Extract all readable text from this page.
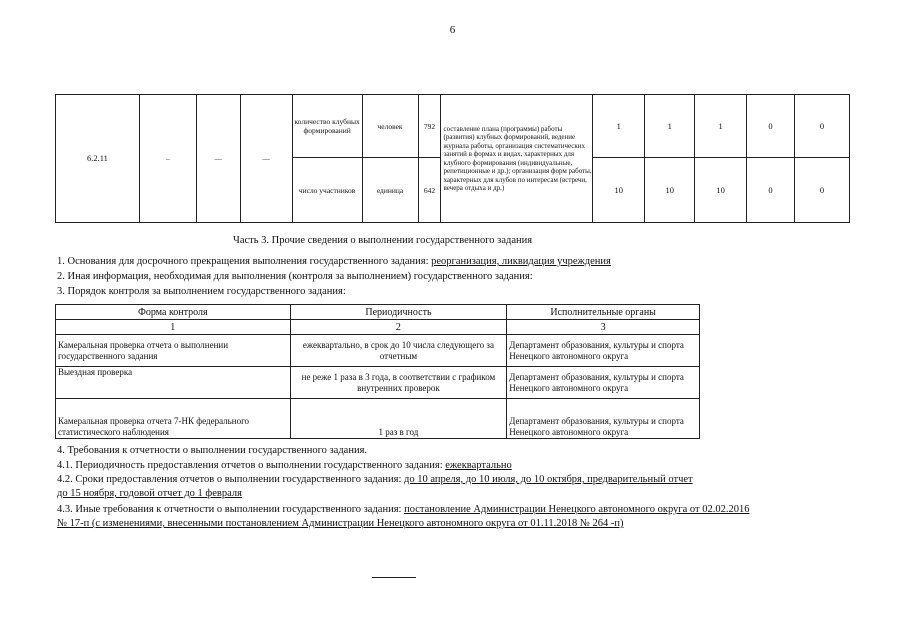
6
6.2.11	–	—	—	количество клубных формирований	человек	792	составление плана (программы) работы (развития) клубных формирований, ведение журнала работы, организация систематических занятий в формах и видах, характерных для клубного формирования (индивидуальные, репетиционные и др.); организация форм работы, характерных для клубов по интересам (встречи, вечера отдыха и др.)	1	1	1	0	0
				число участников	единица	642		10	10	10	0	0
Часть 3. Прочие сведения о выполнении государственного задания
1. Основания для досрочного прекращения выполнения государственного задания: реорганизация, ликвидация учреждения
2. Иная информация, необходимая для выполнения (контроля за выполнением) государственного задания:
3. Порядок контроля за выполнением государственного задания:
Форма контроля	Периодичность	Исполнительные органы
1	2	3
Камеральная проверка отчета о выполнении государственного задания	ежеквартально, в срок до 10 числа следующего за отчетным	Департамент образования, культуры и спорта Ненецкого автономного округа
Выездная проверка	не реже 1 раза в 3 года, в соответствии с графиком внутренних проверок	Департамент образования, культуры и спорта Ненецкого автономного округа
Камеральная проверка отчета 7-НК федерального статистического наблюдения	1 раз в год	Департамент образования, культуры и спорта Ненецкого автономного округа
4. Требования к отчетности о выполнении государственного задания.
4.1. Периодичность предоставления отчетов о выполнении государственного задания: ежеквартально
4.2. Сроки предоставления отчетов о выполнении государственного задания: до 10 апреля, до 10 июля, до 10 октября, предварительный отчет
до 15 ноября, годовой отчет до 1 февраля
4.3. Иные требования к отчетности о выполнении государственного задания: постановление Администрации Ненецкого автономного округа от 02.02.2016
№ 17-п (с изменениями, внесенными постановлением Администрации Ненецкого автономного округа от 01.11.2018 № 264 -п)
